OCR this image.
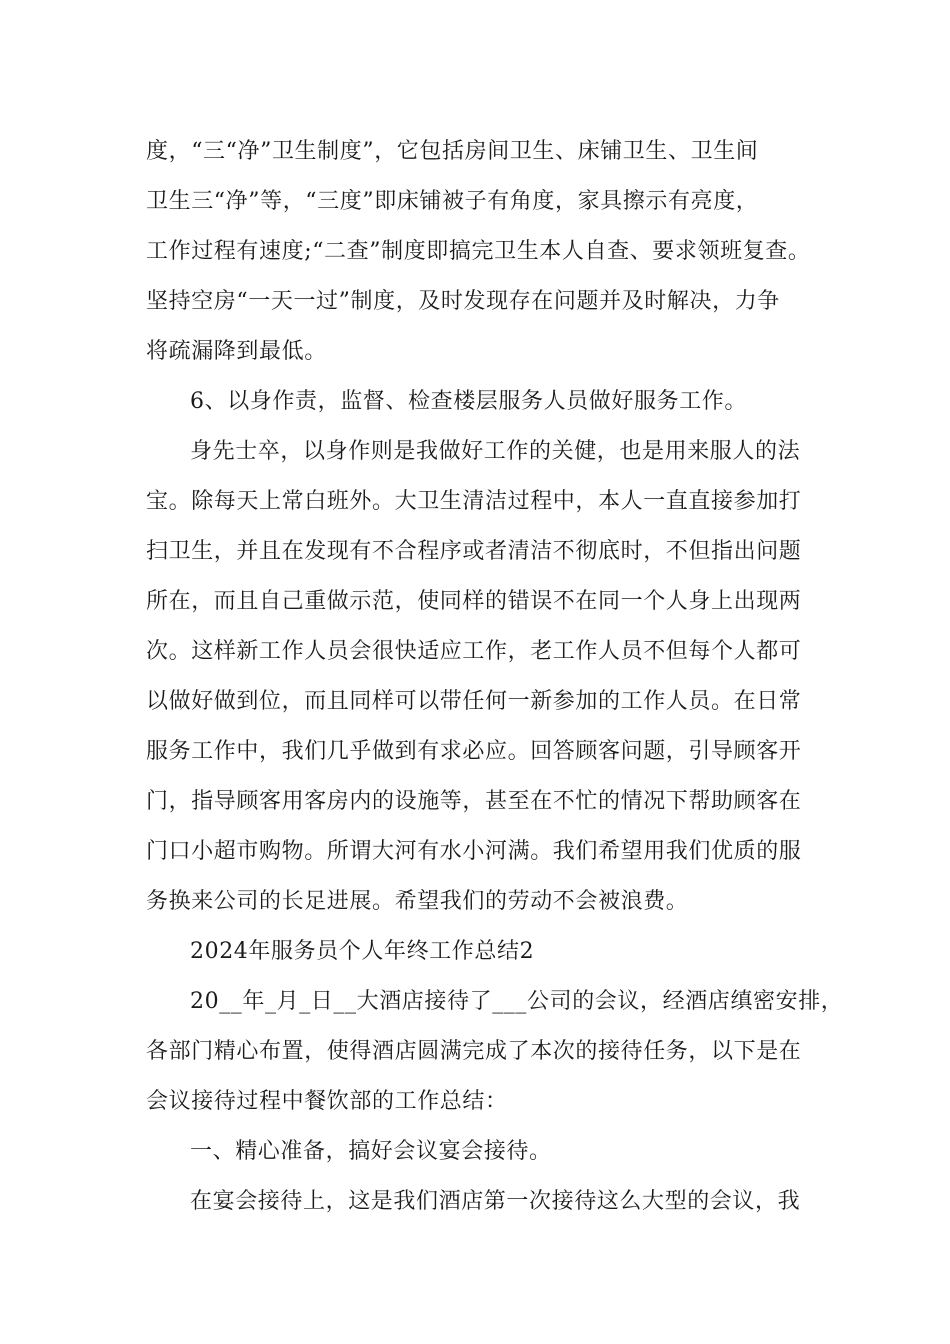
度，“三“净”卫生制度”，它包括房间卫生、床铺卫生、卫生间
卫生三“净”等，“三度”即床铺被子有角度，家具擦示有亮度，
工作过程有速度;“二查”制度即搞完卫生本人自查、要求领班复查。
坚持空房“一天一过”制度，及时发现存在问题并及时解决，力争
将疏漏降到最低。
6、以身作责，监督、检查楼层服务人员做好服务工作。
身先士卒，以身作则是我做好工作的关健，也是用来服人的法
宝。除每天上常白班外。大卫生清洁过程中，本人一直直接参加打
扫卫生，并且在发现有不合程序或者清洁不彻底时，不但指出问题
所在，而且自己重做示范，使同样的错误不在同一个人身上出现两
次。这样新工作人员会很快适应工作，老工作人员不但每个人都可
以做好做到位，而且同样可以带任何一新参加的工作人员。在日常
服务工作中，我们几乎做到有求必应。回答顾客问题，引导顾客开
门，指导顾客用客房内的设施等，甚至在不忙的情况下帮助顾客在
门口小超市购物。所谓大河有水小河满。我们希望用我们优质的服
务换来公司的长足进展。希望我们的劳动不会被浪费。
2024年服务员个人年终工作总结2
20__年_月_日__大酒店接待了___公司的会议，经酒店缜密安排，
各部门精心布置，使得酒店圆满完成了本次的接待任务，以下是在
会议接待过程中餐饮部的工作总结：
一、精心准备，搞好会议宴会接待。
在宴会接待上，这是我们酒店第一次接待这么大型的会议，我
